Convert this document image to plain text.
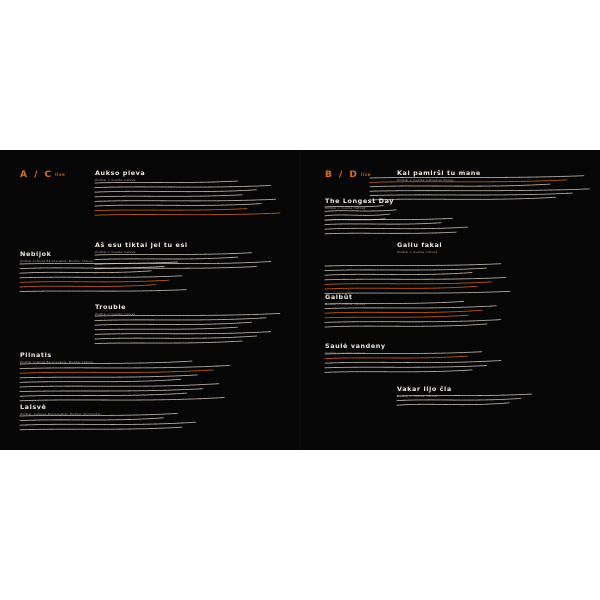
A / C live	Aukso pieva
Žodžiai ir muzika: lietuvė
Aš esu tiktai jei tu esi
Žodžiai ir muzika: lietuvė
Nebijok
Žodžiai Antanas Baranauskas, Muzika: lietuvė
Trouble
Žodžiai ir muzika: lietuvė
Pilnatis
Žodžiai Antanas Baranauskas, Muzika: lietuvė
Laisvė
Žodžiai: Antanas Baranauskas, Muzika: Skirmantas
B / D live	Kai pamirši tu mane
Žodžiai ir muzika: lietuvė su Vilnius
The Longest Day
Žodžiai ir muzika: lietuvė
Galiu fakai
Žodžiai ir muzika: lietuvė
Galbūt
Žodžiai ir muzika: lietuvė
Saulė vandeny
Žodžiai ir muzika: lietuvė
Vakar lijo čia
Žodžiai ir muzika: lietuvė
